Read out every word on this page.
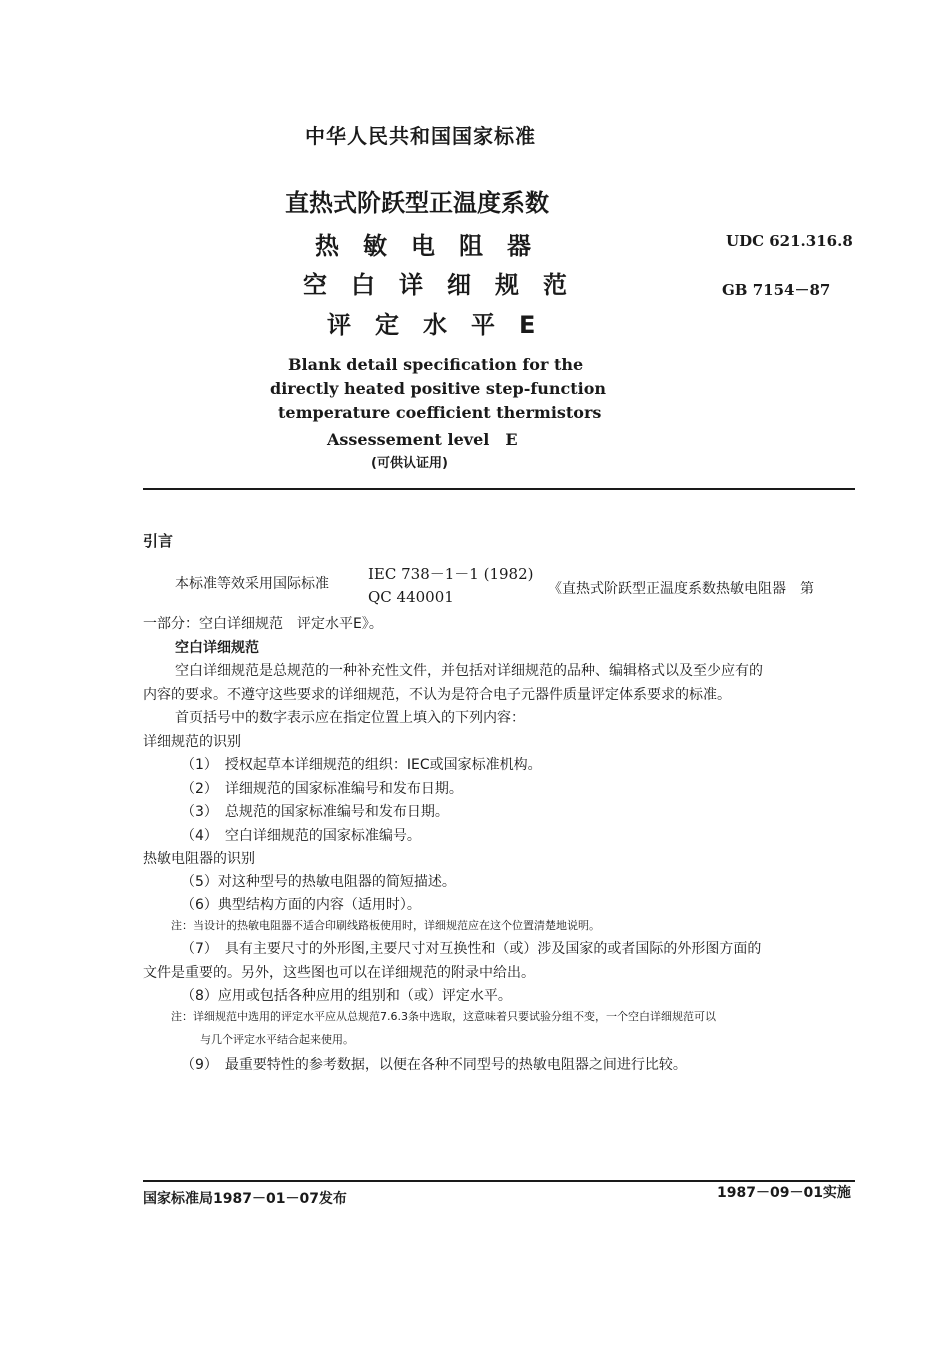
中华人民共和国国家标准
直热式阶跃型正温度系数
热　敏　电　阻　器
空　白　详　细　规　范
评　定　水　平　E
UDC 621.316.8
GB 7154－87
Blank detail specification for the
directly heated positive step-function
temperature coefficient thermistors
Assessement level　E
(可供认证用)
引言
本标准等效采用国际标准
IEC 738－1－1 (1982)
QC 440001	《直热式阶跃型正温度系数热敏电阻器　第
一部分：空白详细规范　评定水平E》。
空白详细规范
空白详细规范是总规范的一种补充性文件，并包括对详细规范的品种、编辑格式以及至少应有的
内容的要求。不遵守这些要求的详细规范，不认为是符合电子元器件质量评定体系要求的标准。
首页括号中的数字表示应在指定位置上填入的下列内容：
详细规范的识别
（1）　授权起草本详细规范的组织：IEC或国家标准机构。
（2）　详细规范的国家标准编号和发布日期。
（3）　总规范的国家标准编号和发布日期。
（4）　空白详细规范的国家标准编号。
热敏电阻器的识别
（5）对这种型号的热敏电阻器的简短描述。
（6）典型结构方面的内容（适用时）。
注：当设计的热敏电阻器不适合印刷线路板使用时，详细规范应在这个位置清楚地说明。
（7）　具有主要尺寸的外形图,主要尺寸对互换性和（或）涉及国家的或者国际的外形图方面的
文件是重要的。另外，这些图也可以在详细规范的附录中给出。
（8）应用或包括各种应用的组别和（或）评定水平。
注：详细规范中选用的评定水平应从总规范7.6.3条中选取，这意味着只要试验分组不变，一个空白详细规范可以
与几个评定水平结合起来使用。
（9）　最重要特性的参考数据，以便在各种不同型号的热敏电阻器之间进行比较。
国家标准局1987－01－07发布	1987－09－01实施
